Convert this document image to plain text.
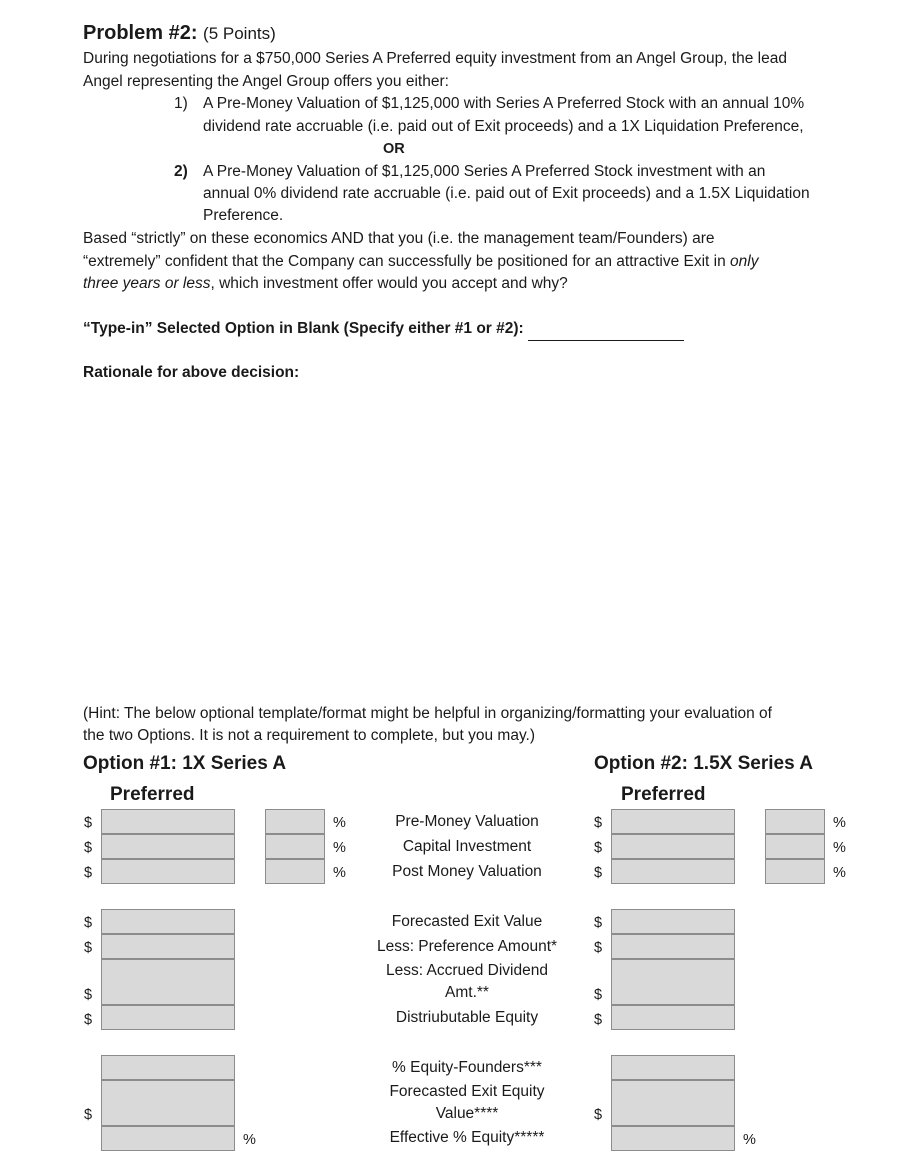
Problem #2: (5 Points)
During negotiations for a $750,000 Series A Preferred equity investment from an Angel Group, the lead
Angel representing the Angel Group offers you either:
1) A Pre-Money Valuation of $1,125,000 with Series A Preferred Stock with an annual 10%
dividend rate accruable (i.e. paid out of Exit proceeds) and a 1X Liquidation Preference,
OR
2) A Pre-Money Valuation of $1,125,000 Series A Preferred Stock investment with an
annual 0% dividend rate accruable (i.e. paid out of Exit proceeds) and a 1.5X Liquidation
Preference.
Based “strictly” on these economics AND that you (i.e. the management team/Founders) are
“extremely” confident that the Company can successfully be positioned for an attractive Exit in only
three years or less, which investment offer would you accept and why?
“Type-in” Selected Option in Blank (Specify either #1 or #2):
Rationale for above decision:
(Hint: The below optional template/format might be helpful in organizing/formatting your evaluation of
the two Options. It is not a requirement to complete, but you may.)
Option #1: 1X Series A
Preferred
Option #2: 1.5X Series A
Preferred
$
$
$
%
%
%
Pre-Money Valuation
Capital Investment
Post Money Valuation
$
$
$
%
%
%
$
$
$
$
Forecasted Exit Value
Less: Preference Amount*
Less: Accrued Dividend
Amt.**
Distriubutable Equity
$
$
$
$
$
%
% Equity-Founders***
Forecasted Exit Equity
Value****
Effective % Equity*****
$
%
